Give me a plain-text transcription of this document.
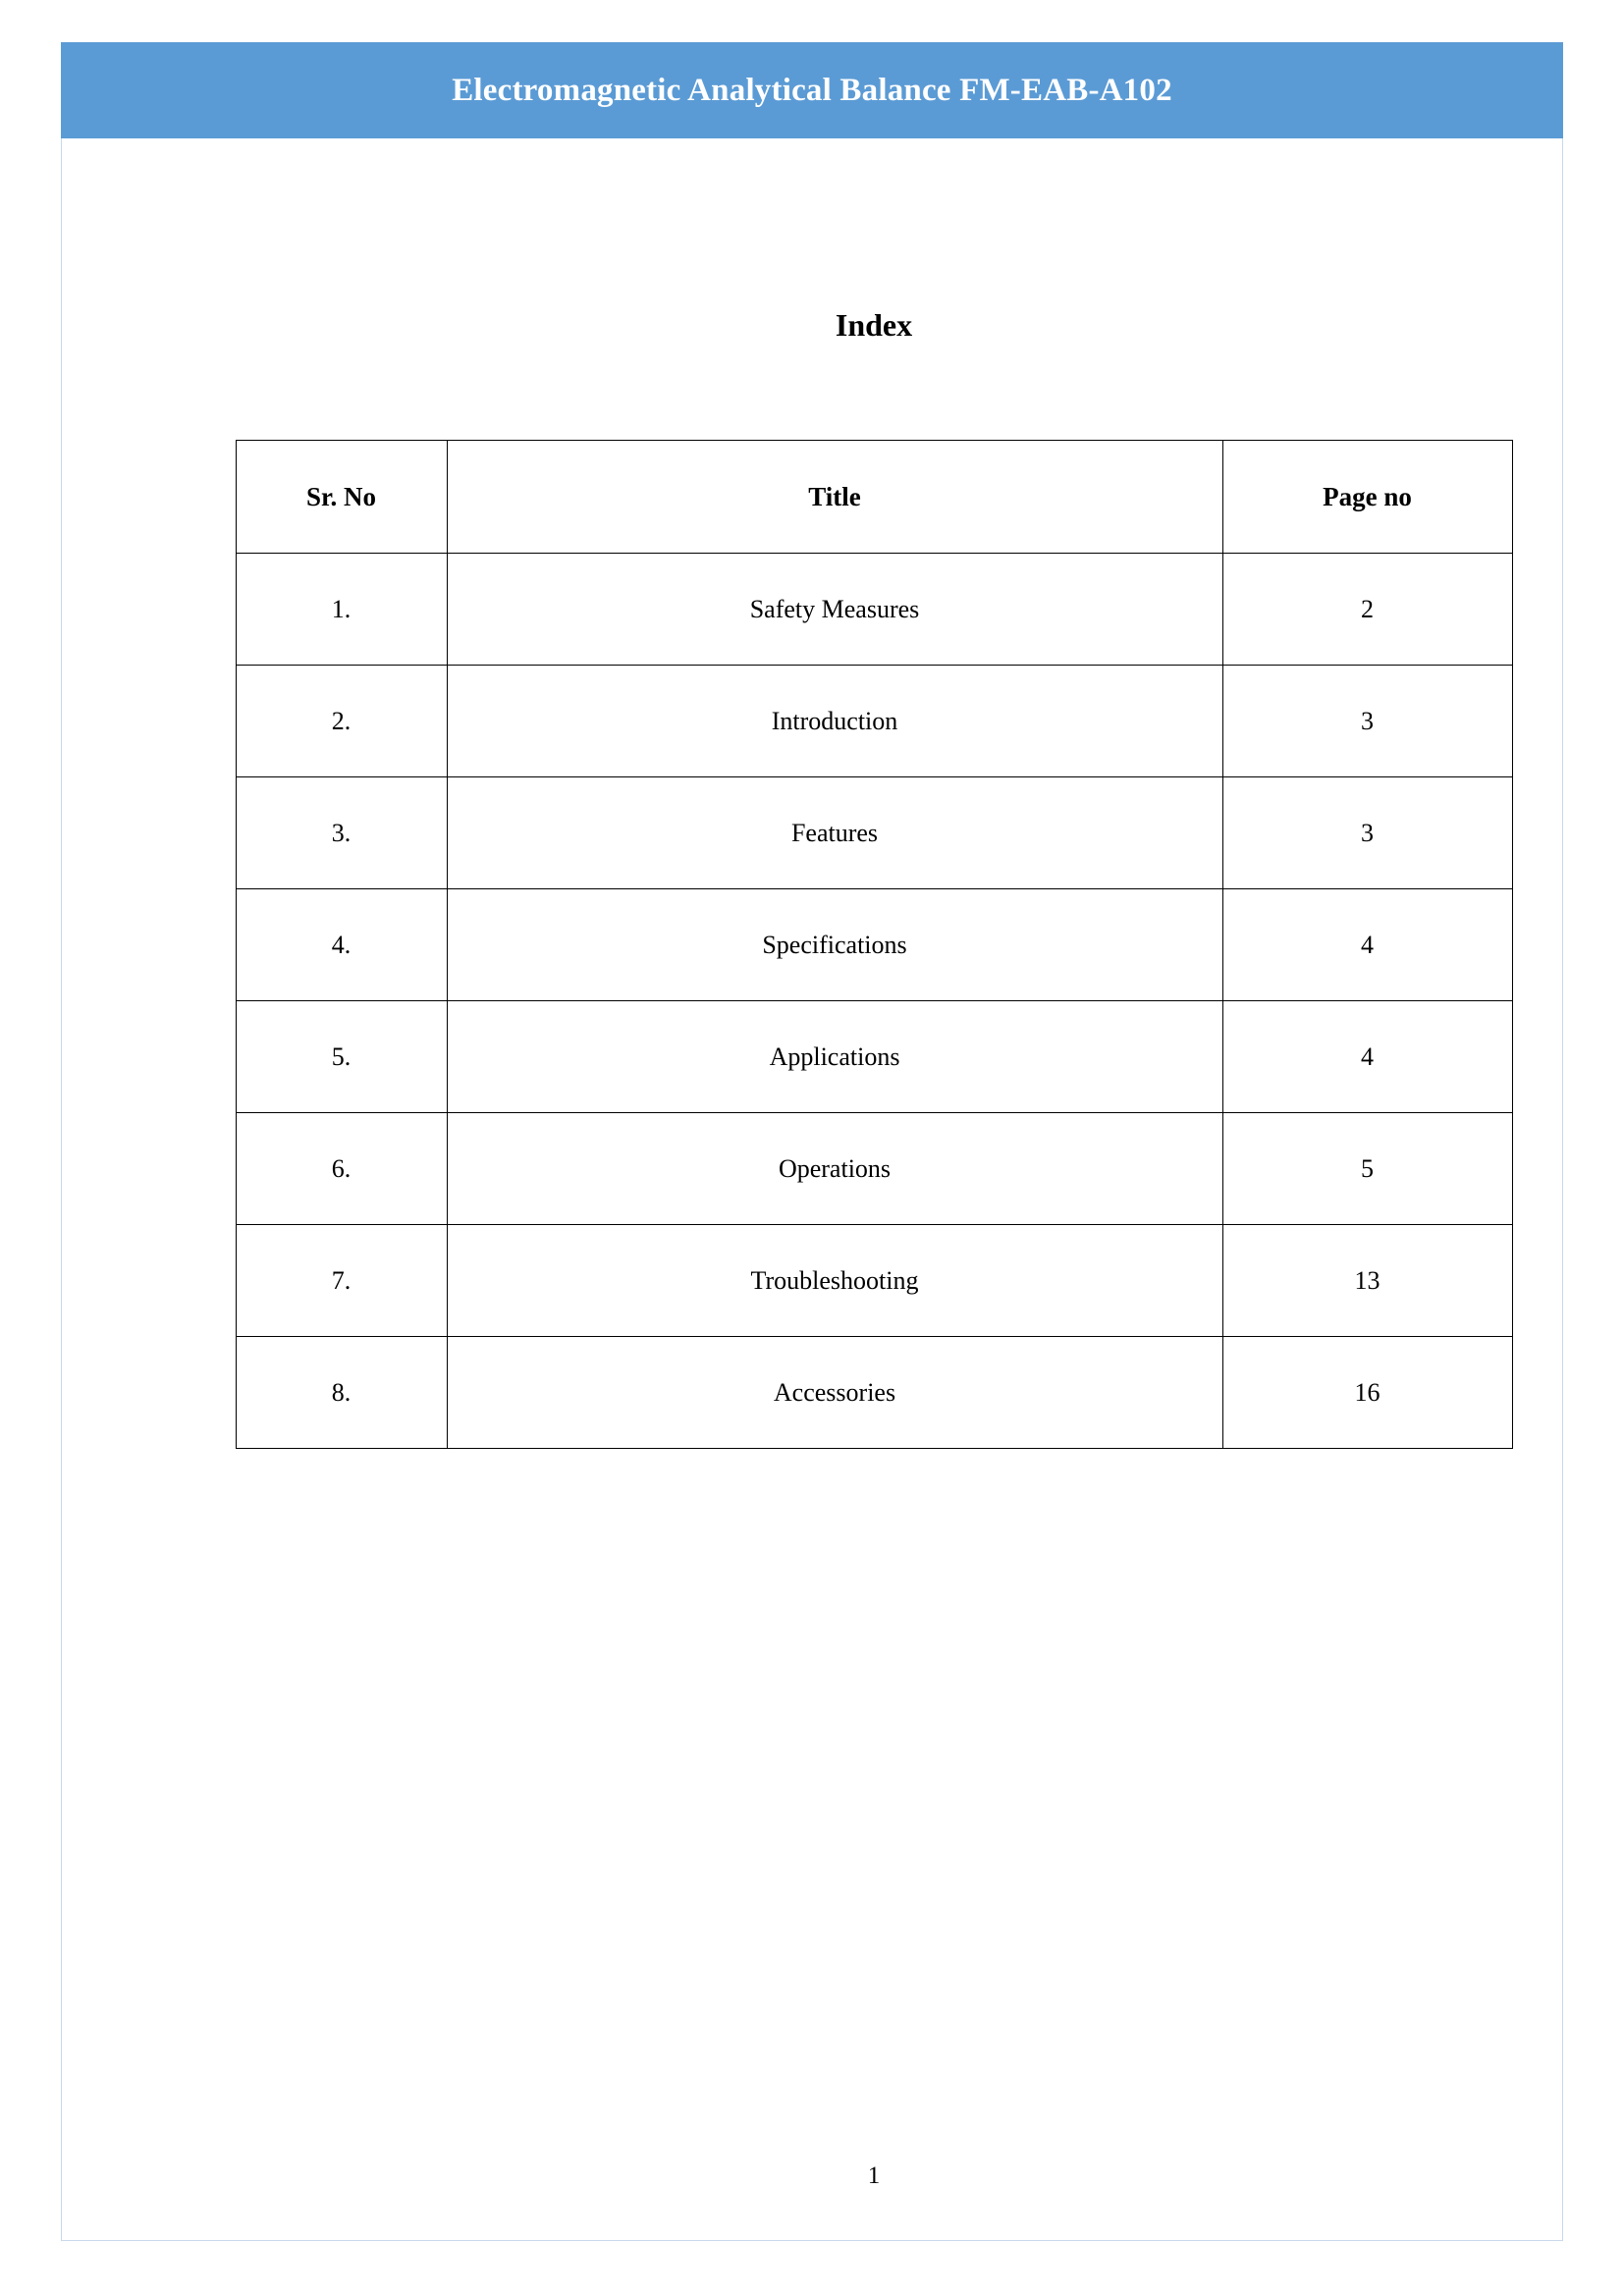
Index
Sr. No	Title	Page no
1.	Safety Measures	2
2.	Introduction	3
3.	Features	3
4.	Specifications	4
5.	Applications	4
6.	Operations	5
7.	Troubleshooting	13
8.	Accessories	16
1
Electromagnetic Analytical Balance FM-EAB-A102
